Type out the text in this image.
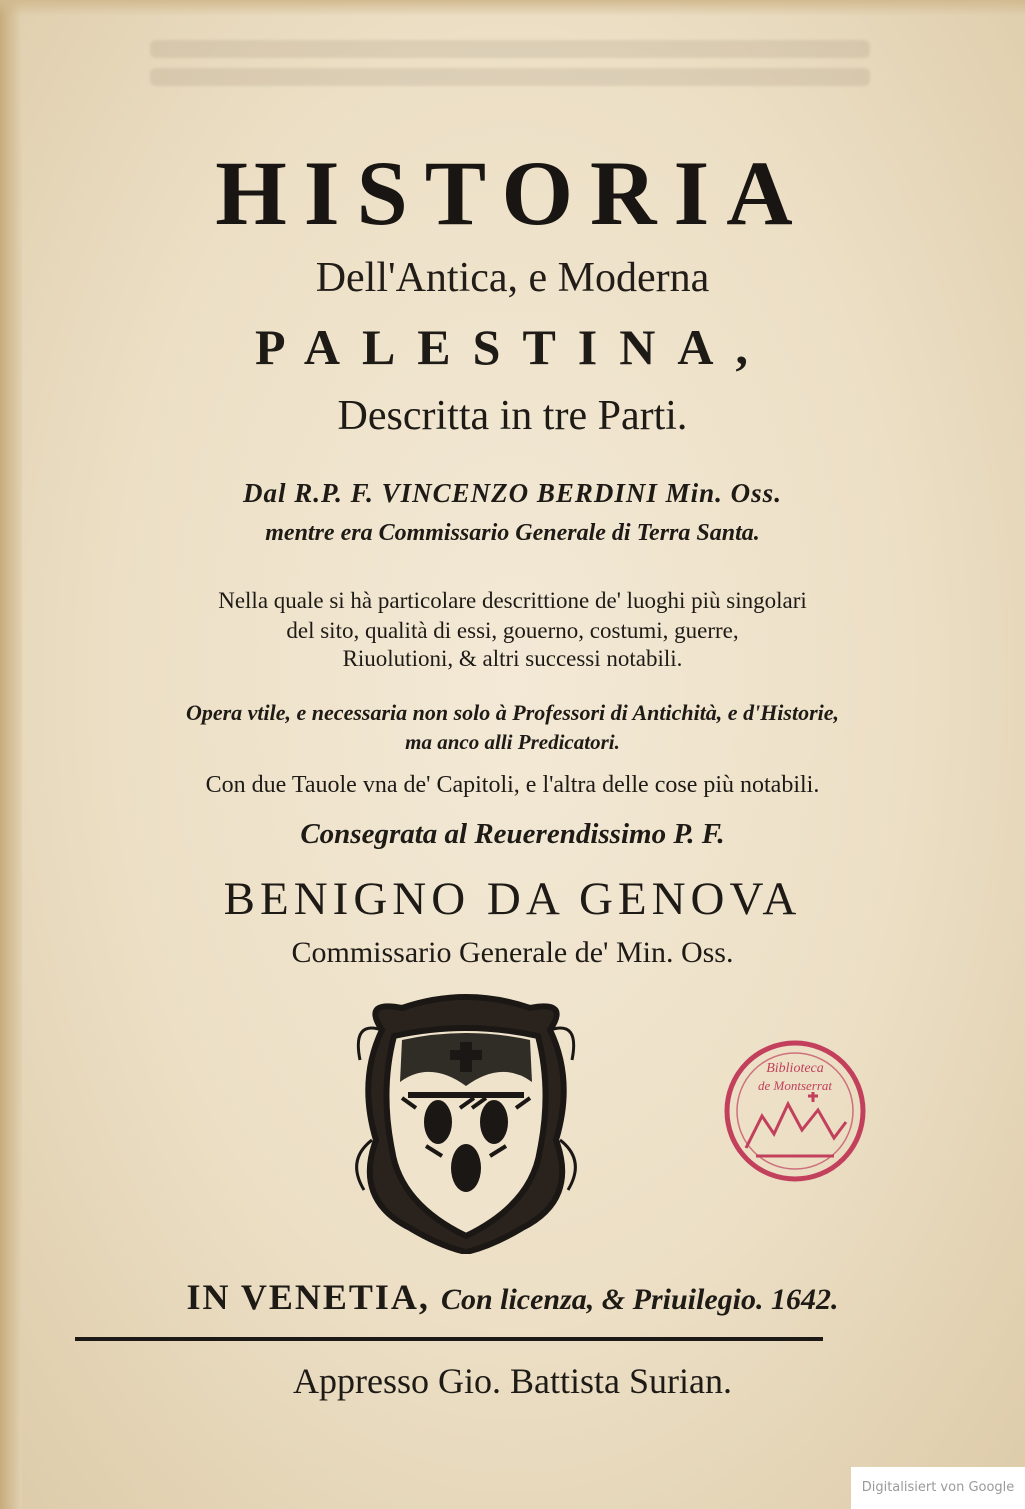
HISTORIA
Dell'Antica, e Moderna
PALESTINA,
Descritta in tre Parti.
Dal R.P. F. VINCENZO BERDINI Min. Oss.
mentre era Commissario Generale di Terra Santa.
Nella quale si hà particolare descrittione de' luoghi più singolari
del sito, qualità di essi, gouerno, costumi, guerre,
Riuolutioni, & altri successi notabili.
Opera vtile, e necessaria non solo à Professori di Antichità, e d'Historie,
ma anco alli Predicatori.
Con due Tauole vna de' Capitoli, e l'altra delle cose più notabili.
Consegrata al Reuerendissimo P. F.
BENIGNO DA GENOVA
Commissario Generale de' Min. Oss.
Biblioteca
de Montserrat
IN VENETIA, Con licenza, & Priuilegio. 1642.
Appresso Gio. Battista Surian.
Digitalisiert von Google
